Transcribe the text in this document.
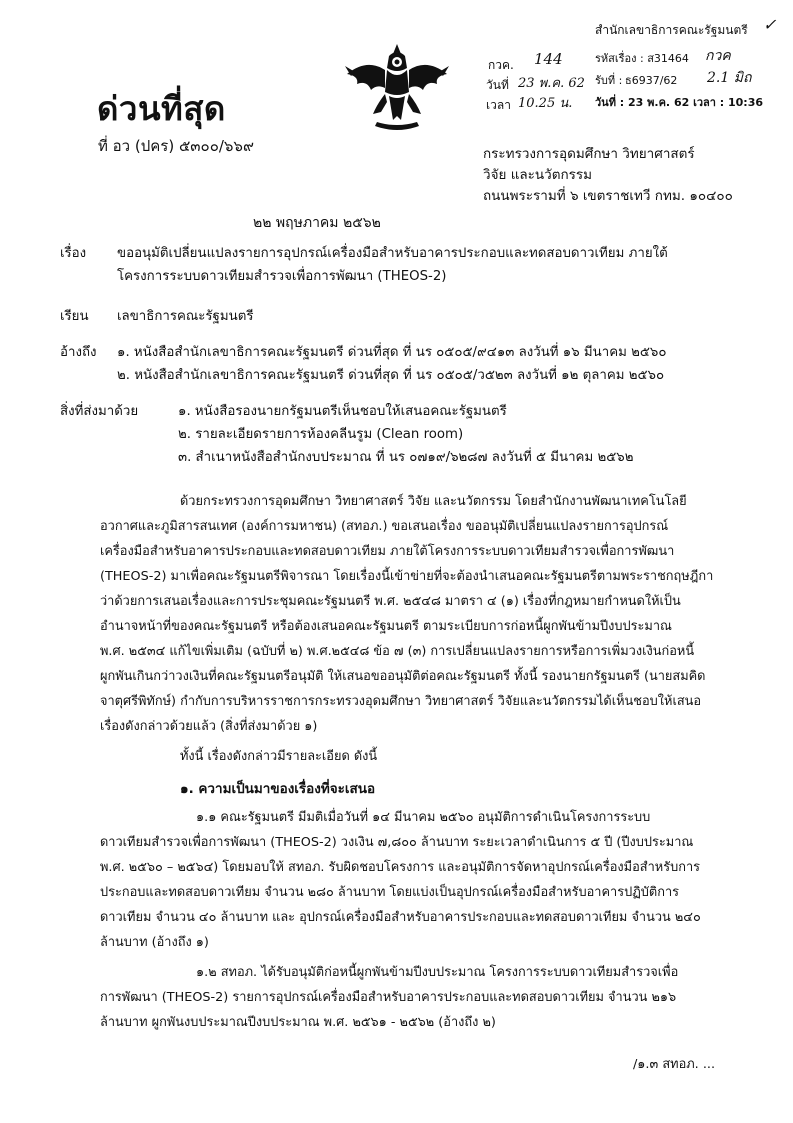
ด่วนที่สุด
ที่ อว (ปคร) ๕๓๐๐/๖๖๙
กวค. 144
วันที่ 23 พ.ค. 62
เวลา 10.25 น.
สำนักเลขาธิการคณะรัฐมนตรี ✓
รหัสเรื่อง : ส31464 กวค
รับที่ : ธ6937/62 2.1 มิถ
วันที่ : 23 พ.ค. 62 เวลา : 10:36
กระทรวงการอุดมศึกษา วิทยาศาสตร์
วิจัย และนวัตกรรม
ถนนพระรามที่ ๖ เขตราชเทวี กทม. ๑๐๔๐๐
๒๒ พฤษภาคม ๒๕๖๒
เรื่อง ขออนุมัติเปลี่ยนแปลงรายการอุปกรณ์เครื่องมือสำหรับอาคารประกอบและทดสอบดาวเทียม ภายใต้
โครงการระบบดาวเทียมสำรวจเพื่อการพัฒนา (THEOS-2)
เรียน เลขาธิการคณะรัฐมนตรี
อ้างถึง ๑. หนังสือสำนักเลขาธิการคณะรัฐมนตรี ด่วนที่สุด ที่ นร ๐๕๐๕/๙๔๑๓ ลงวันที่ ๑๖ มีนาคม ๒๕๖๐
๒. หนังสือสำนักเลขาธิการคณะรัฐมนตรี ด่วนที่สุด ที่ นร ๐๕๐๕/ว๕๒๓ ลงวันที่ ๑๒ ตุลาคม ๒๕๖๐
สิ่งที่ส่งมาด้วย	๑. หนังสือรองนายกรัฐมนตรีเห็นชอบให้เสนอคณะรัฐมนตรี
๒. รายละเอียดรายการห้องคลีนรูม (Clean room)
๓. สำเนาหนังสือสำนักงบประมาณ ที่ นร ๐๗๑๙/๖๒๘๗ ลงวันที่ ๕ มีนาคม ๒๕๖๒
ด้วยกระทรวงการอุดมศึกษา วิทยาศาสตร์ วิจัย และนวัตกรรม โดยสำนักงานพัฒนาเทคโนโลยี
อวกาศและภูมิสารสนเทศ (องค์การมหาชน) (สทอภ.) ขอเสนอเรื่อง ขออนุมัติเปลี่ยนแปลงรายการอุปกรณ์
เครื่องมือสำหรับอาคารประกอบและทดสอบดาวเทียม ภายใต้โครงการระบบดาวเทียมสำรวจเพื่อการพัฒนา
(THEOS-2) มาเพื่อคณะรัฐมนตรีพิจารณา โดยเรื่องนี้เข้าข่ายที่จะต้องนำเสนอคณะรัฐมนตรีตามพระราชกฤษฎีกา
ว่าด้วยการเสนอเรื่องและการประชุมคณะรัฐมนตรี พ.ศ. ๒๕๔๘ มาตรา ๔ (๑) เรื่องที่กฎหมายกำหนดให้เป็น
อำนาจหน้าที่ของคณะรัฐมนตรี หรือต้องเสนอคณะรัฐมนตรี ตามระเบียบการก่อหนี้ผูกพันข้ามปีงบประมาณ
พ.ศ. ๒๕๓๔ แก้ไขเพิ่มเติม (ฉบับที่ ๒) พ.ศ.๒๕๔๘ ข้อ ๗ (๓) การเปลี่ยนแปลงรายการหรือการเพิ่มวงเงินก่อหนี้
ผูกพันเกินกว่าวงเงินที่คณะรัฐมนตรีอนุมัติ ให้เสนอขออนุมัติต่อคณะรัฐมนตรี ทั้งนี้ รองนายกรัฐมนตรี (นายสมคิด
จาตุศรีพิทักษ์) กำกับการบริหารราชการกระทรวงอุดมศึกษา วิทยาศาสตร์ วิจัยและนวัตกรรมได้เห็นชอบให้เสนอ
เรื่องดังกล่าวด้วยแล้ว (สิ่งที่ส่งมาด้วย ๑)
ทั้งนี้ เรื่องดังกล่าวมีรายละเอียด ดังนี้
๑. ความเป็นมาของเรื่องที่จะเสนอ
๑.๑ คณะรัฐมนตรี มีมติเมื่อวันที่ ๑๔ มีนาคม ๒๕๖๐ อนุมัติการดำเนินโครงการระบบ
ดาวเทียมสำรวจเพื่อการพัฒนา (THEOS-2) วงเงิน ๗,๘๐๐ ล้านบาท ระยะเวลาดำเนินการ ๕ ปี (ปีงบประมาณ
พ.ศ. ๒๕๖๐ – ๒๕๖๔) โดยมอบให้ สทอภ. รับผิดชอบโครงการ และอนุมัติการจัดหาอุปกรณ์เครื่องมือสำหรับการ
ประกอบและทดสอบดาวเทียม จำนวน ๒๘๐ ล้านบาท โดยแบ่งเป็นอุปกรณ์เครื่องมือสำหรับอาคารปฏิบัติการ
ดาวเทียม จำนวน ๔๐ ล้านบาท และ อุปกรณ์เครื่องมือสำหรับอาคารประกอบและทดสอบดาวเทียม จำนวน ๒๔๐
ล้านบาท (อ้างถึง ๑)
๑.๒ สทอภ. ได้รับอนุมัติก่อหนี้ผูกพันข้ามปีงบประมาณ โครงการระบบดาวเทียมสำรวจเพื่อ
การพัฒนา (THEOS-2) รายการอุปกรณ์เครื่องมือสำหรับอาคารประกอบและทดสอบดาวเทียม จำนวน ๒๑๖
ล้านบาท ผูกพันงบประมาณปีงบประมาณ พ.ศ. ๒๕๖๑ - ๒๕๖๒ (อ้างถึง ๒)
/๑.๓ สทอภ. ...
